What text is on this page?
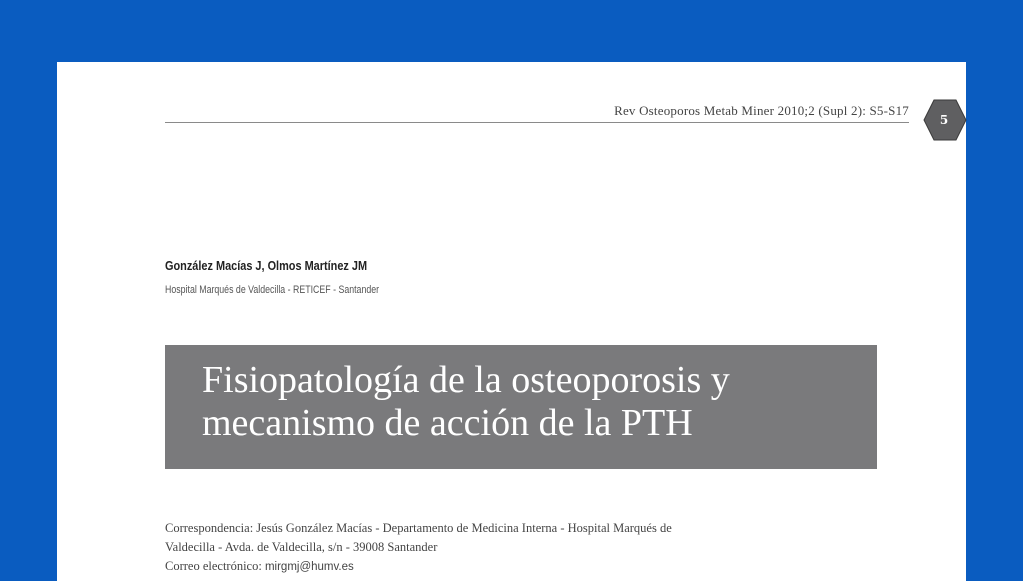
Rev Osteoporos Metab Miner 2010;2 (Supl 2): S5-S17
5
González Macías J, Olmos Martínez JM
Hospital Marqués de Valdecilla - RETICEF - Santander
Fisiopatología de la osteoporosis y
mecanismo de acción de la PTH
Correspondencia: Jesús González Macías - Departamento de Medicina Interna - Hospital Marqués de
Valdecilla - Avda. de Valdecilla, s/n - 39008 Santander
Correo electrónico: mirgmj@humv.es
